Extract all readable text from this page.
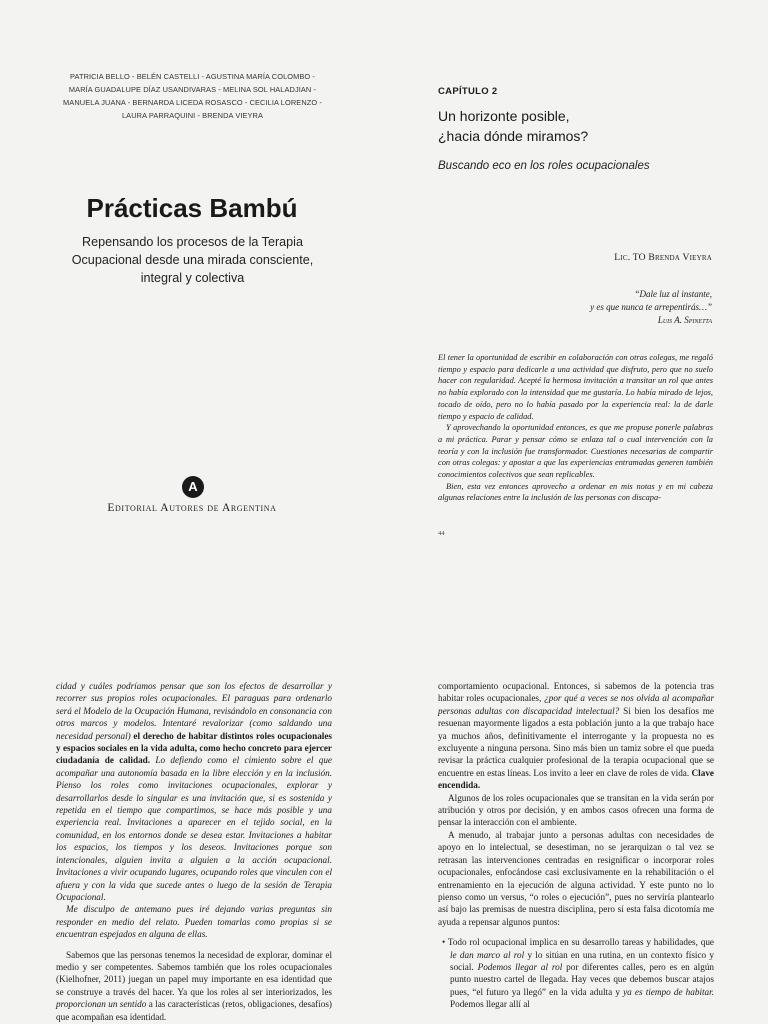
PATRICIA BELLO - BELÉN CASTELLI - AGUSTINA MARÍA COLOMBO -
MARÍA GUADALUPE DÍAZ USANDIVARAS - MELINA SOL HALADJIAN -
MANUELA JUANA - BERNARDA LICEDA ROSASCO - CECILIA LORENZO -
LAURA PARRAQUINI - BRENDA VIEYRA
Prácticas Bambú
Repensando los procesos de la Terapia Ocupacional desde una mirada consciente, integral y colectiva
A
Editorial Autores de Argentina
CAPÍTULO 2
Un horizonte posible,
¿hacia dónde miramos?
Buscando eco en los roles ocupacionales
Lic. TO Brenda Vieyra
“Dale luz al instante,
y es que nunca te arrepentirás…”
Luis A. Spinetta

El tener la oportunidad de escribir en colaboración con otras colegas, me regaló tiempo y espacio para dedicarle a una actividad que disfruto, pero que no suelo hacer con regularidad. Acepté la hermosa invitación a transitar un rol que antes no había explorado con la intensidad que me gustaría. Lo había mirado de lejos, tocado de oído, pero no lo había pasado por la experiencia real: la de darle tiempo y espacio de calidad.

Y aprovechando la oportunidad entonces, es que me propuse ponerle palabras a mi práctica. Parar y pensar cómo se enlaza tal o cual intervención con la teoría y con la inclusión fue transformador. Cuestiones necesarias de compartir con otras colegas: y apostar a que las experiencias entramadas generen también conocimientos colectivos que sean replicables.

Bien, esta vez entonces aprovecho a ordenar en mis notas y en mi cabeza algunas relaciones entre la inclusión de las personas con discapa-

44

cidad y cuáles podríamos pensar que son los efectos de desarrollar y recorrer sus propios roles ocupacionales. El paraguas para ordenarlo será el Modelo de la Ocupación Humana, revisándolo en consonancia con otros marcos y modelos. Intentaré revalorizar (como saldando una necesidad personal) el derecho de habitar distintos roles ocupacionales y espacios sociales en la vida adulta, como hecho concreto para ejercer ciudadanía de calidad. Lo defiendo como el cimiento sobre el que acompañar una autonomía basada en la libre elección y en la inclusión. Pienso los roles como invitaciones ocupacionales, explorar y desarrollarlos desde lo singular es una invitación que, si es sostenida y repetida en el tiempo que compartimos, se hace más posible y una experiencia real. Invitaciones a aparecer en el tejido social, en la comunidad, en los entornos donde se desea estar. Invitaciones a habitar los espacios, los tiempos y los deseos. Invitaciones porque son intencionales, alguien invita a alguien a la acción ocupacional. Invitaciones a vivir ocupando lugares, ocupando roles que vinculen con el afuera y con la vida que sucede antes o luego de la sesión de Terapia Ocupacional.

Me disculpo de antemano pues iré dejando varias preguntas sin responder en medio del relato. Pueden tomarlas como propias si se encuentran espejados en alguna de ellas.

Sabemos que las personas tenemos la necesidad de explorar, dominar el medio y ser competentes. Sabemos también que los roles ocupacionales (Kielhofner, 2011) juegan un papel muy importante en esa identidad que se construye a través del hacer. Ya que los roles al ser interiorizados, les proporcionan un sentido a las características (retos, obligaciones, desafíos) que acompañan esa identidad.

comportamiento ocupacional. Entonces, si sabemos de la potencia tras habitar roles ocupacionales, ¿por qué a veces se nos olvida al acompañar personas adultas con discapacidad intelectual? Si bien los desafíos me resuenan mayormente ligados a esta población junto a la que trabajo hace ya muchos años, definitivamente el interrogante y la propuesta no es excluyente a ninguna persona. Sino más bien un tamiz sobre el que pueda revisar la práctica cualquier profesional de la terapia ocupacional que se encuentre en estas líneas. Los invito a leer en clave de roles de vida. Clave encendida.

Algunos de los roles ocupacionales que se transitan en la vida serán por atribución y otros por decisión, y en ambos casos ofrecen una forma de pensar la interacción con el ambiente.

A menudo, al trabajar junto a personas adultas con necesidades de apoyo en lo intelectual, se desestiman, no se jerarquizan o tal vez se retrasan las intervenciones centradas en resignificar o incorporar roles ocupacionales, enfocándose casi exclusivamente en la rehabilitación o el entrenamiento en la ejecución de alguna actividad. Y este punto no lo pienso como un versus, “o roles o ejecución”, pues no serviría plantearlo así bajo las premisas de nuestra disciplina, pero sí esta falsa dicotomía me ayuda a repensar algunos puntos:

• Todo rol ocupacional implica en su desarrollo tareas y habilidades, que le dan marco al rol y lo sitúan en una rutina, en un contexto físico y social. Podemos llegar al rol por diferentes calles, pero es en algún punto nuestro cartel de llegada. Hay veces que debemos buscar atajos pues, “el futuro ya llegó” en la vida adulta y ya es tiempo de habitar. Podemos llegar allí al
